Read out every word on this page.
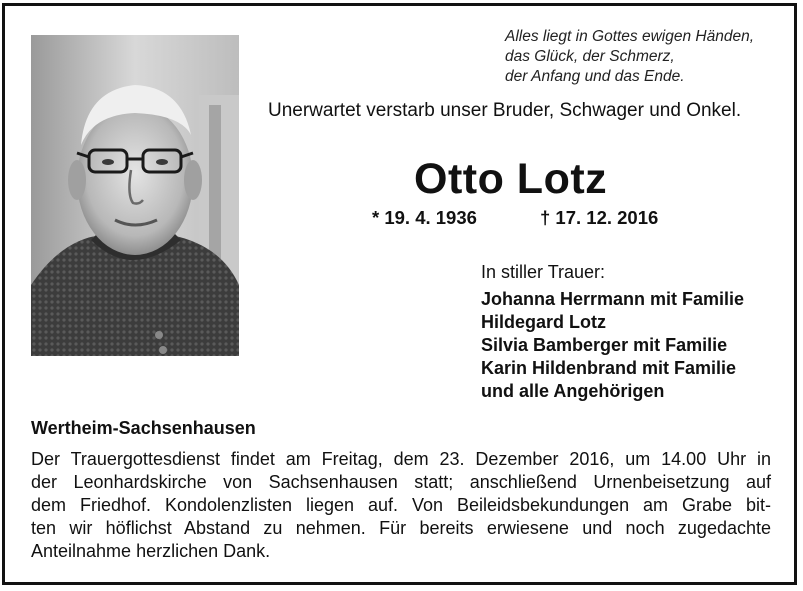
Alles liegt in Gottes ewigen Händen,
das Glück, der Schmerz,
der Anfang und das Ende.
Unerwartet verstarb unser Bruder, Schwager und Onkel.
Otto Lotz
* 19. 4. 1936	† 17. 12. 2016
In stiller Trauer:
Johanna Herrmann mit Familie
Hildegard Lotz
Silvia Bamberger mit Familie
Karin Hildenbrand mit Familie
und alle Angehörigen
Wertheim-Sachsenhausen
Der Trauergottesdienst findet am Freitag, dem 23. Dezember 2016, um 14.00 Uhr in
der Leonhardskirche von Sachsenhausen statt; anschließend Urnenbeisetzung auf
dem Friedhof. Kondolenzlisten liegen auf. Von Beileidsbekundungen am Grabe bit-
ten wir höflichst Abstand zu nehmen. Für bereits erwiesene und noch zugedachte
Anteilnahme herzlichen Dank.
